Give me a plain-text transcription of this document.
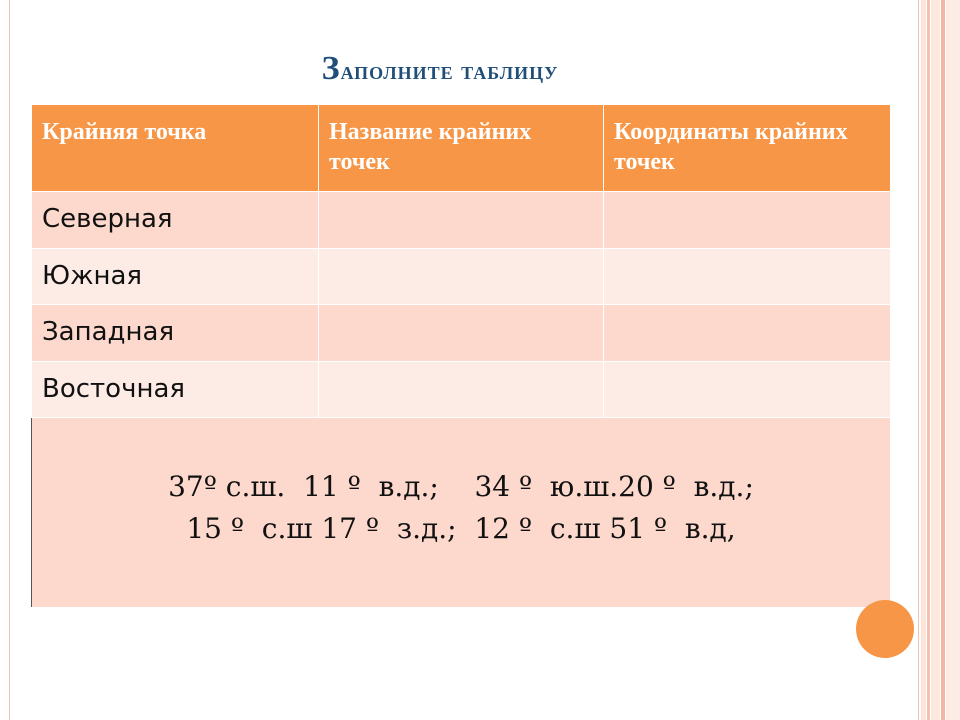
Заполните таблицу
Крайняя точка	Название крайних точек	Координаты крайних точек
Северная		
Южная		
Западная		
Восточная		

37º с.ш.  11 º  в.д.;    34 º  ю.ш.20 º  в.д.;
15 º  с.ш 17 º  з.д.;  12 º  с.ш 51 º  в.д,		
